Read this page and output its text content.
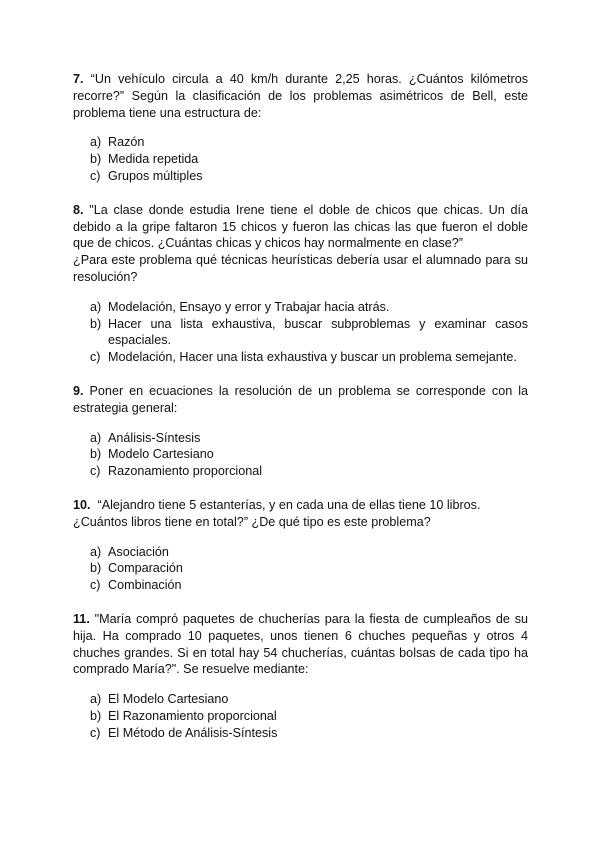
7. “Un vehículo circula a 40 km/h durante 2,25 horas. ¿Cuántos kilómetros recorre?” Según la clasificación de los problemas asimétricos de Bell, este problema tiene una estructura de:

a) Razón
b) Medida repetida
c) Grupos múltiples

8. "La clase donde estudia Irene tiene el doble de chicos que chicas. Un día debido a la gripe faltaron 15 chicos y fueron las chicas las que fueron el doble que de chicos. ¿Cuántas chicas y chicos hay normalmente en clase?”

¿Para este problema qué técnicas heurísticas debería usar el alumnado para su resolución?

a) Modelación, Ensayo y error y Trabajar hacia atrás.
b) Hacer una lista exhaustiva, buscar subproblemas y examinar casos espaciales.
c) Modelación, Hacer una lista exhaustiva y buscar un problema semejante.

9. Poner en ecuaciones la resolución de un problema se corresponde con la estrategia general:

a) Análisis-Síntesis
b) Modelo Cartesiano
c) Razonamiento proporcional

10. “Alejandro tiene 5 estanterías, y en cada una de ellas tiene 10 libros.

¿Cuántos libros tiene en total?” ¿De qué tipo es este problema?

a) Asociación
b) Comparación
c) Combinación

11. "María compró paquetes de chucherías para la fiesta de cumpleaños de su hija. Ha comprado 10 paquetes, unos tienen 6 chuches pequeñas y otros 4 chuches grandes. Si en total hay 54 chucherías, cuántas bolsas de cada tipo ha comprado María?". Se resuelve mediante:

a) El Modelo Cartesiano
b) El Razonamiento proporcional
c) El Método de Análisis-Síntesis
